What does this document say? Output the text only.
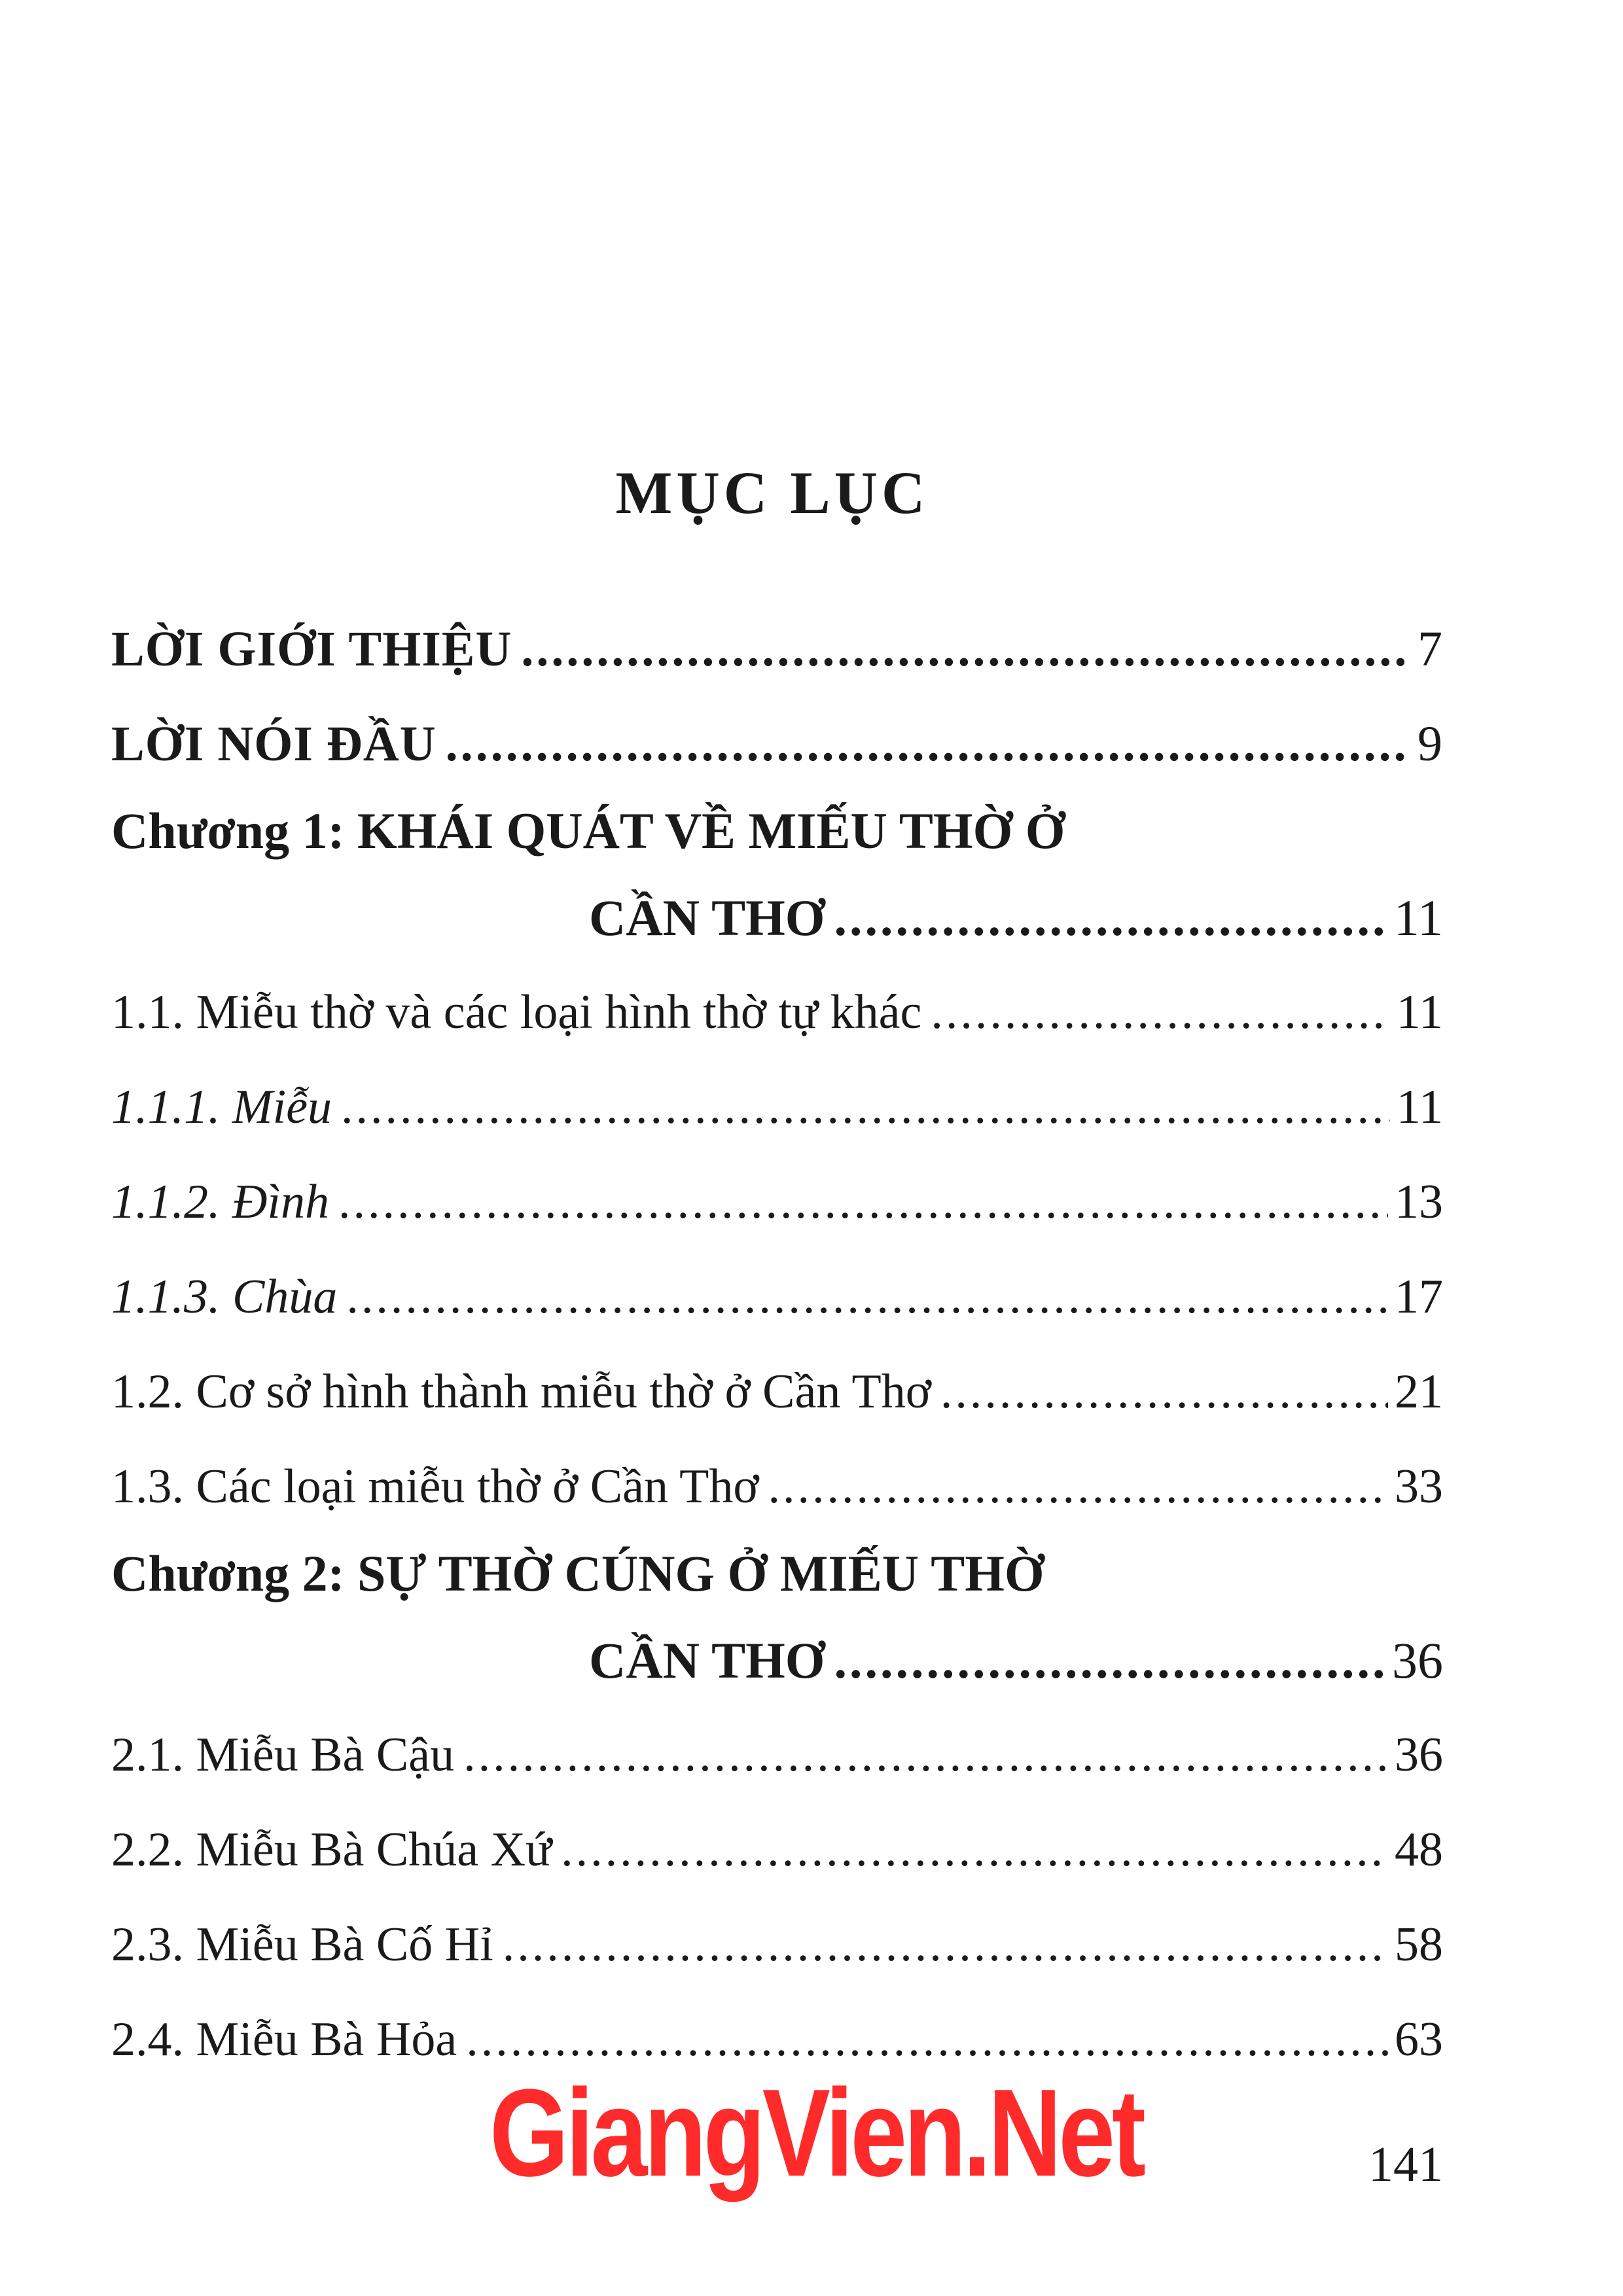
MỤC LỤC
LỜI GIỚI THIỆU .....	7
LỜI NÓI ĐẦU .....	9
Chương 1: KHÁI QUÁT VỀ MIẾU THỜ Ở
CẦN THƠ .....	11
1.1. Miễu thờ và các loại hình thờ tự khác .....	11
1.1.1. Miễu .....	11
1.1.2. Đình .....	13
1.1.3. Chùa .....	17
1.2. Cơ sở hình thành miễu thờ ở Cần Thơ .....	21
1.3. Các loại miễu thờ ở Cần Thơ .....	33
Chương 2: SỰ THỜ CÚNG Ở MIẾU THỜ
CẦN THƠ .....	36
2.1. Miễu Bà Cậu .....	36
2.2. Miễu Bà Chúa Xứ .....	48
2.3. Miễu Bà Cố Hỉ .....	58
2.4. Miễu Bà Hỏa .....	63
GiangVien.Net	141
